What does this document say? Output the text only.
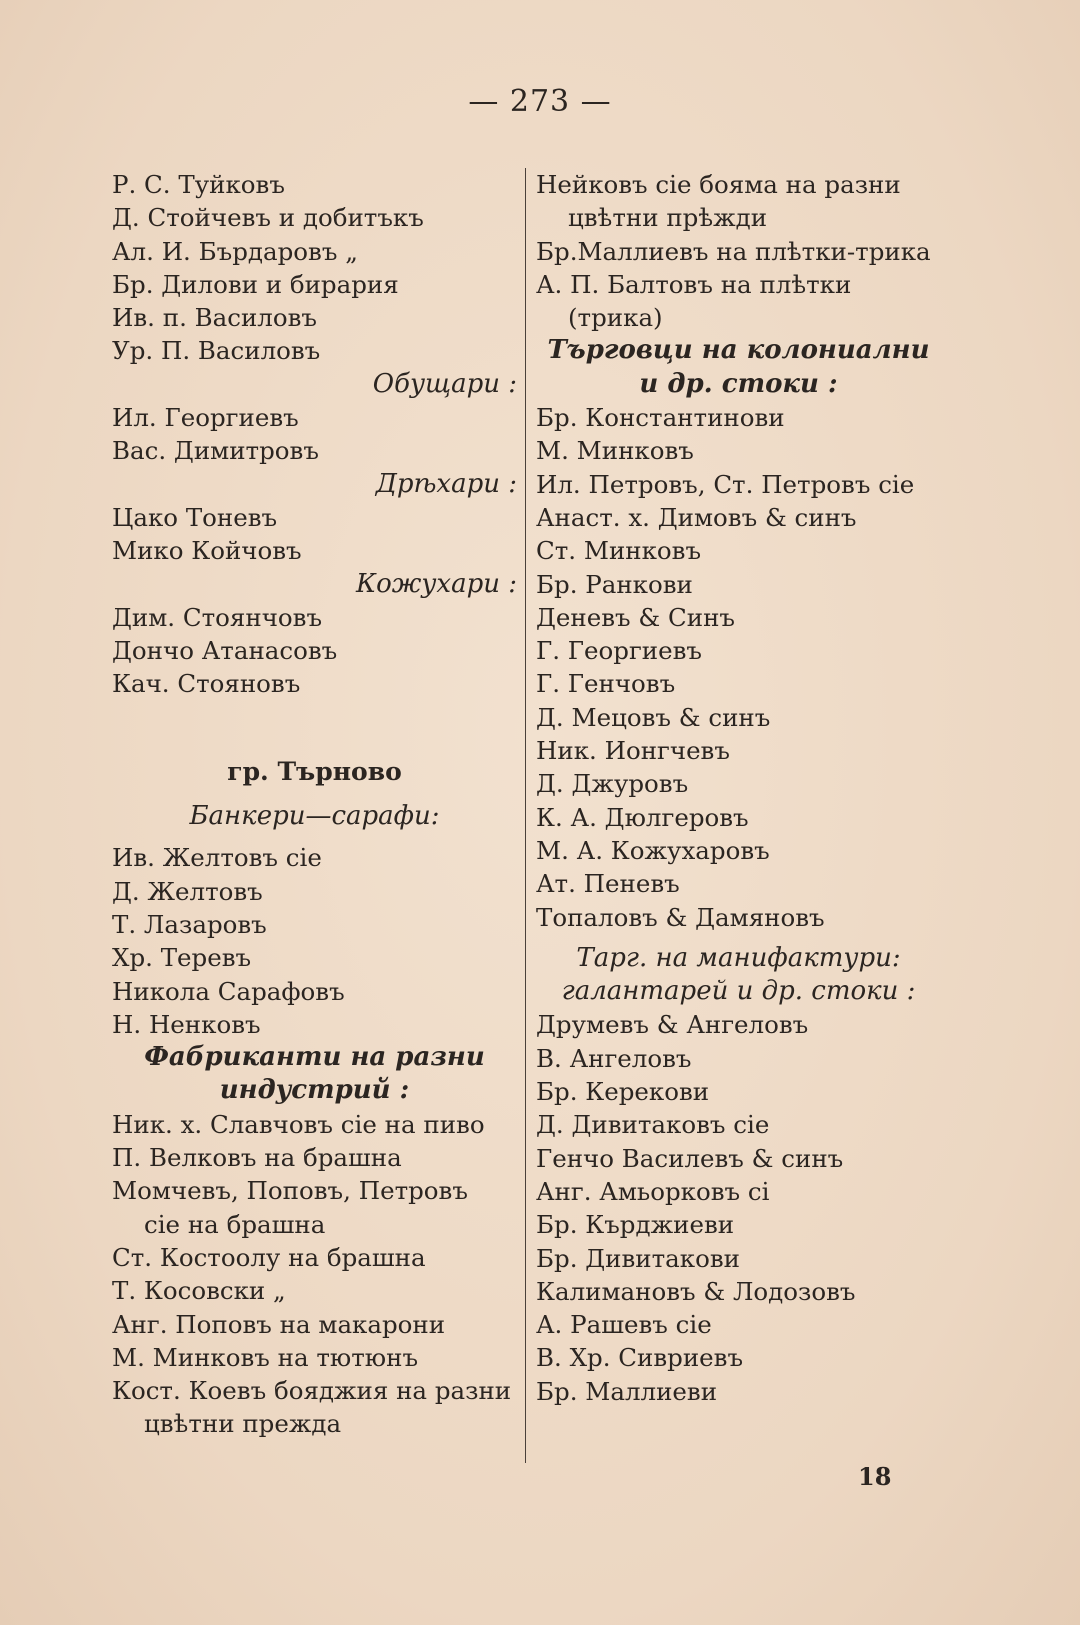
— 273 —
Р. С. Туйковъ
Д. Стойчевъ и добитъкъ
Ал. И. Бърдаровъ „
Бр. Дилови и бирария
Ив. п. Василовъ
Ур. П. Василовъ
Обущари :
Ил. Георгиевъ
Вас. Димитровъ
Дрѣхари :
Цако Тоневъ
Мико Койчовъ
Кожухари :
Дим. Стоянчовъ
Дончо Атанасовъ
Кач. Стояновъ
гр. Търново
Банкери—сарафи:
Ив. Желтовъ сiе
Д. Желтовъ
Т. Лазаровъ
Хр. Теревъ
Никола Сарафовъ
Н. Ненковъ
Фабриканти на разни
индустрий :
Ник. х. Славчовъ сiе на пиво
П. Велковъ на брашна
Момчевъ, Поповъ, Петровъ
сiе на брашна
Ст. Костоолу на брашна
Т. Косовски „
Анг. Поповъ на макарони
М. Минковъ на тютюнъ
Кост. Коевъ бояджия на разни
цвѣтни прежда
Нейковъ сiе бояма на разни
цвѣтни прѣжди
Бр.Маллиевъ на плѣтки-трика
А. П. Балтовъ на плѣтки
(трика)
Търговци на колониални
и др. стоки :
Бр. Константинови
М. Минковъ
Ил. Петровъ, Ст. Петровъ сiе
Анаст. х. Димовъ & синъ
Ст. Минковъ
Бр. Ранкови
Деневъ & Синъ
Г. Георгиевъ
Г. Генчовъ
Д. Мецовъ & синъ
Ник. Ионгчевъ
Д. Джуровъ
К. А. Дюлгеровъ
М. А. Кожухаровъ
Ат. Пеневъ
Топаловъ & Дамяновъ
Тарг. на манифактури:
галантарей и др. стоки :
Друмевъ & Ангеловъ
В. Ангеловъ
Бр. Керекови
Д. Дивитаковъ сiе
Генчо Василевъ & синъ
Анг. Амьорковъ сi
Бр. Кърджиеви
Бр. Дивитакови
Калимановъ & Лодозовъ
А. Рашевъ сiе
В. Хр. Сивриевъ
Бр. Маллиеви
18
